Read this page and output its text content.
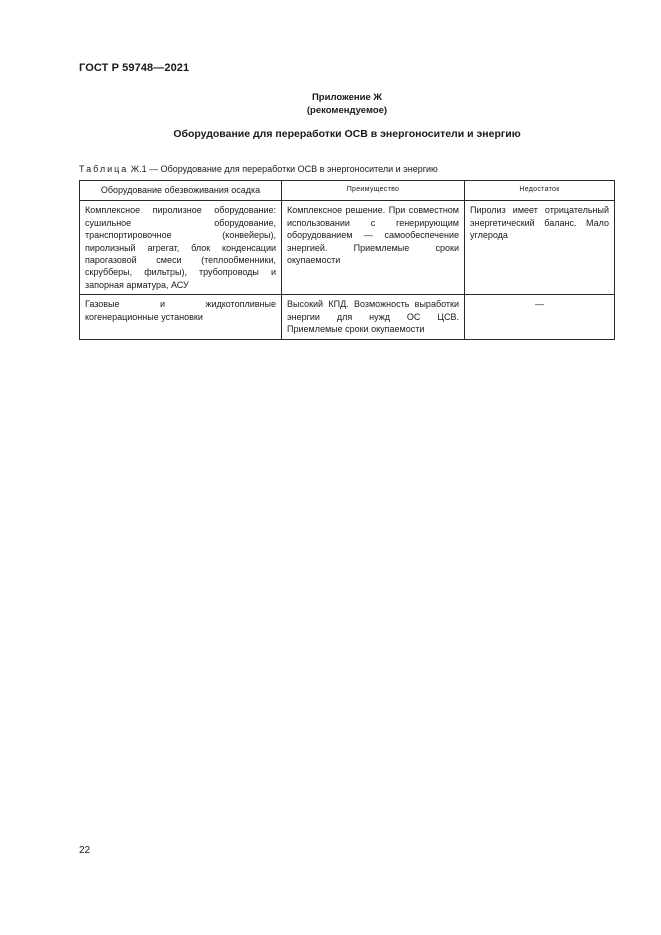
ГОСТ Р 59748—2021
Приложение Ж
(рекомендуемое)
Оборудование для переработки ОСВ в энергоносители и энергию
Таблица Ж.1 — Оборудование для переработки ОСВ в энергоносители и энергию
Оборудование обезвоживания осадка	Преимущество	Недостаток
Комплексное пиролизное оборудование: сушильное оборудование, транспортировочное (конвейеры), пиролизный агрегат, блок конденсации парогазовой смеси (теплообменники, скрубберы, фильтры), трубопроводы и запорная арматура, АСУ	Комплексное решение. При совместном использовании с генерирующим оборудованием — самообеспечение энергией. Приемлемые сроки окупаемости	Пиролиз имеет отрицательный энергетический баланс. Мало углерода
Газовые и жидкотопливные когенерационные установки	Высокий КПД. Возможность выработки энергии для нужд ОС ЦСВ. Приемлемые сроки окупаемости	—
22
